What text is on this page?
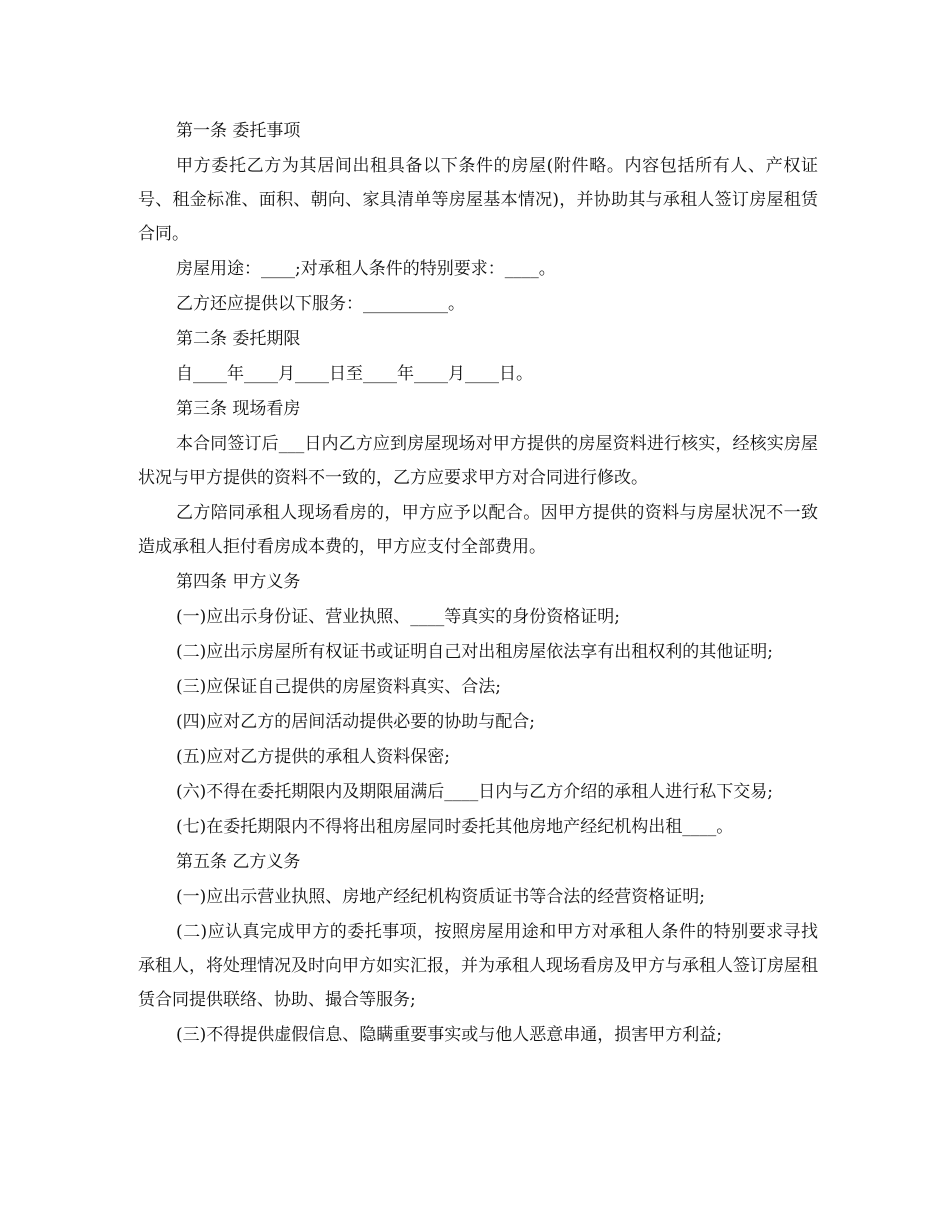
第一条 委托事项

甲方委托乙方为其居间出租具备以下条件的房屋(附件略。内容包括所有人、产权证号、租金标准、面积、朝向、家具清单等房屋基本情况)，并协助其与承租人签订房屋租赁合同。

房屋用途：____;对承租人条件的特别要求：____。

乙方还应提供以下服务：__________。

第二条 委托期限

自____年____月____日至____年____月____日。

第三条 现场看房

本合同签订后___日内乙方应到房屋现场对甲方提供的房屋资料进行核实，经核实房屋状况与甲方提供的资料不一致的，乙方应要求甲方对合同进行修改。

乙方陪同承租人现场看房的，甲方应予以配合。因甲方提供的资料与房屋状况不一致造成承租人拒付看房成本费的，甲方应支付全部费用。

第四条 甲方义务

(一)应出示身份证、营业执照、____等真实的身份资格证明;

(二)应出示房屋所有权证书或证明自己对出租房屋依法享有出租权利的其他证明;

(三)应保证自己提供的房屋资料真实、合法;

(四)应对乙方的居间活动提供必要的协助与配合;

(五)应对乙方提供的承租人资料保密;

(六)不得在委托期限内及期限届满后____日内与乙方介绍的承租人进行私下交易;

(七)在委托期限内不得将出租房屋同时委托其他房地产经纪机构出租____。

第五条 乙方义务

(一)应出示营业执照、房地产经纪机构资质证书等合法的经营资格证明;

(二)应认真完成甲方的委托事项，按照房屋用途和甲方对承租人条件的特别要求寻找承租人，将处理情况及时向甲方如实汇报，并为承租人现场看房及甲方与承租人签订房屋租赁合同提供联络、协助、撮合等服务;

(三)不得提供虚假信息、隐瞒重要事实或与他人恶意串通，损害甲方利益;
